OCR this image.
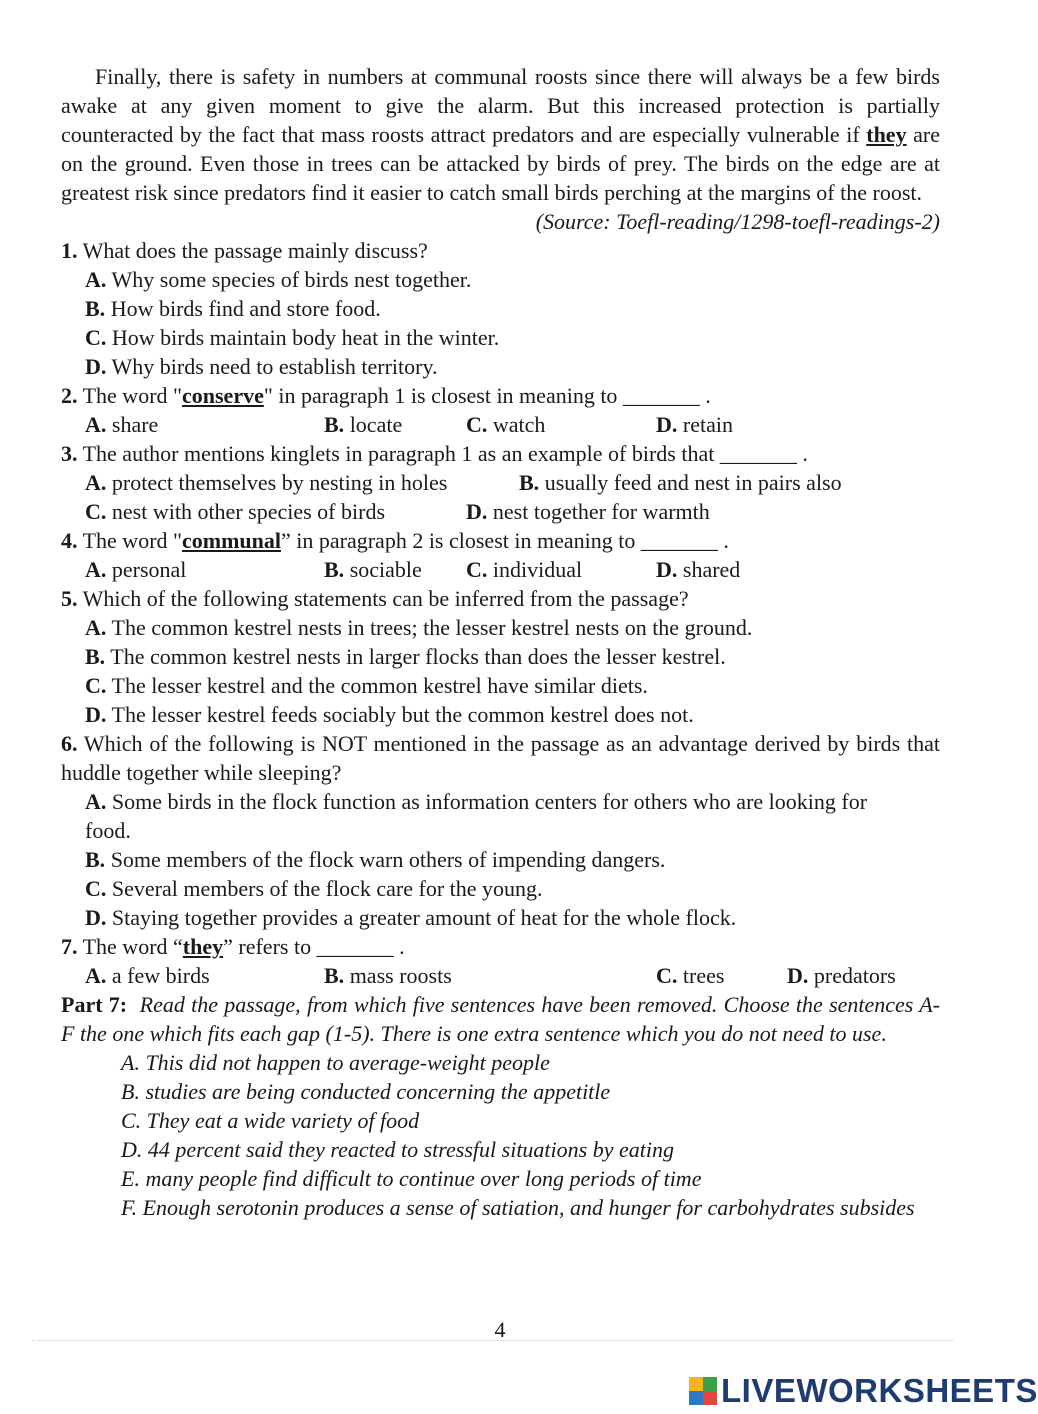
Finally, there is safety in numbers at communal roosts since there will always be a few birds awake at any given moment to give the alarm. But this increased protection is partially counteracted by the fact that mass roosts attract predators and are especially vulnerable if they are on the ground. Even those in trees can be attacked by birds of prey. The birds on the edge are at greatest risk since predators find it easier to catch small birds perching at the margins of the roost.

(Source: Toefl-reading/1298-toefl-readings-2)

1. What does the passage mainly discuss?

A. Why some species of birds nest together.

B. How birds find and store food.

C. How birds maintain body heat in the winter.

D. Why birds need to establish territory.

2. The word "conserve" in paragraph 1 is closest in meaning to _______ .

A. share	B. locate	C. watch	D. retain

3. The author mentions kinglets in paragraph 1 as an example of birds that _______ .

A. protect themselves by nesting in holes	B. usually feed and nest in pairs also
C. nest with other species of birds	D. nest together for warmth

4. The word "communal” in paragraph 2 is closest in meaning to _______ .

A. personal	B. sociable C. individual	D. shared

5. Which of the following statements can be inferred from the passage?

A. The common kestrel nests in trees; the lesser kestrel nests on the ground.

B. The common kestrel nests in larger flocks than does the lesser kestrel.

C. The lesser kestrel and the common kestrel have similar diets.

D. The lesser kestrel feeds sociably but the common kestrel does not.

6. Which of the following is NOT mentioned in the passage as an advantage derived by birds that huddle together while sleeping?

A. Some birds in the flock function as information centers for others who are looking for food.

B. Some members of the flock warn others of impending dangers.

C. Several members of the flock care for the young.

D. Staying together provides a greater amount of heat for the whole flock.

7. The word “they” refers to _______ .

A. a few birds	B. mass roosts	C. trees	D. predators

Part 7: Read the passage, from which five sentences have been removed. Choose the sentences A-F the one which fits each gap (1-5). There is one extra sentence which you do not need to use.

A. This did not happen to average-weight people

B. studies are being conducted concerning the appetitle

C. They eat a wide variety of food

D. 44 percent said they reacted to stressful situations by eating

E. many people find difficult to continue over long periods of time

F. Enough serotonin produces a sense of satiation, and hunger for carbohydrates subsides

4
LIVEWORKSHEETS
